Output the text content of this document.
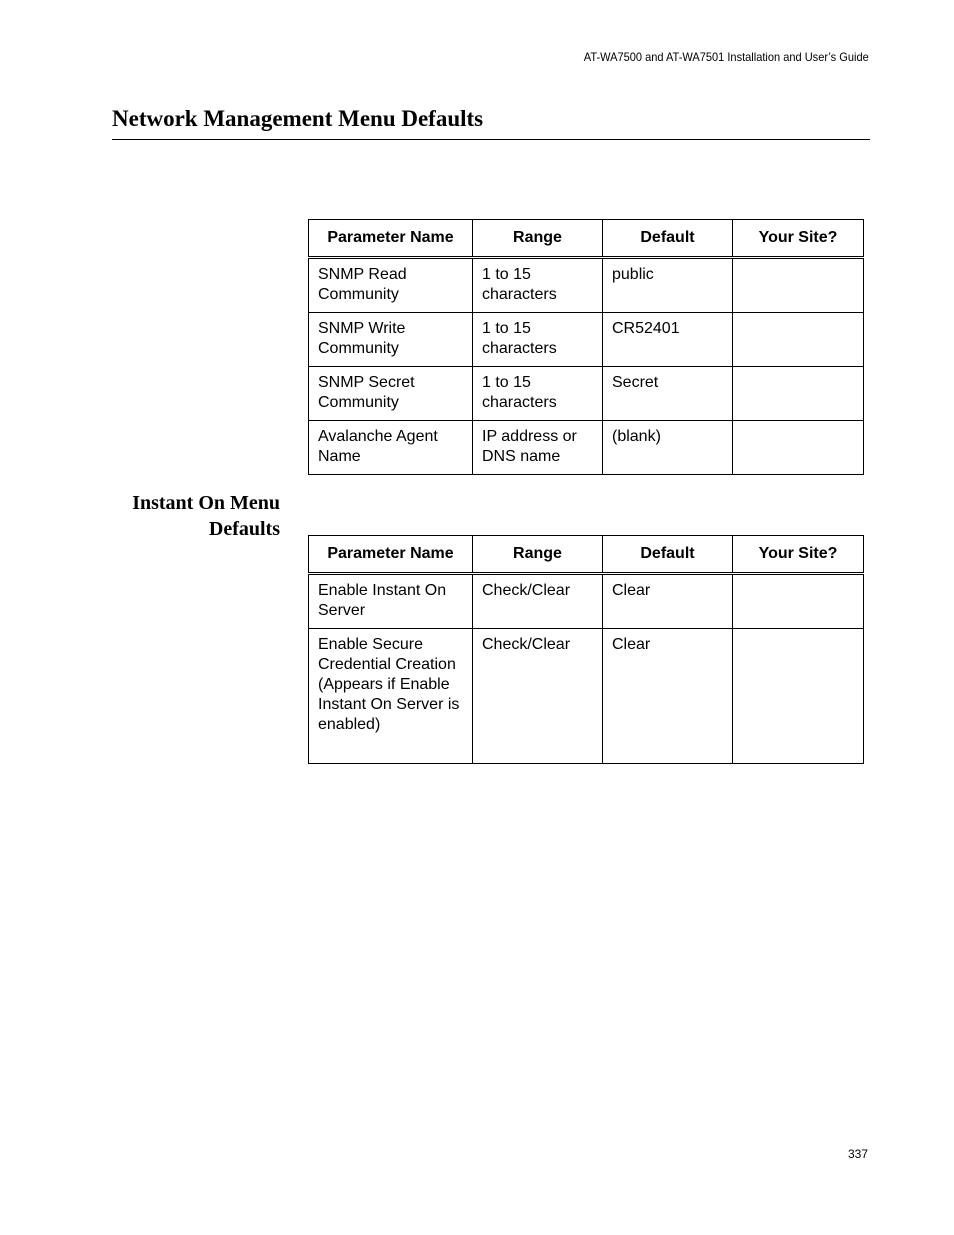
AT-WA7500 and AT-WA7501 Installation and User’s Guide
Network Management Menu Defaults
Parameter Name	Range	Default	Your Site?
SNMP Read Community	1 to 15 characters	public	
SNMP Write Community	1 to 15 characters	CR52401	
SNMP Secret Community	1 to 15 characters	Secret	
Avalanche Agent Name	IP address or DNS name	(blank)	
Instant On Menu
Defaults
Parameter Name	Range	Default	Your Site?
Enable Instant On Server	Check/Clear	Clear	
Enable Secure Credential Creation (Appears if Enable Instant On Server is enabled)	Check/Clear	Clear	
337
